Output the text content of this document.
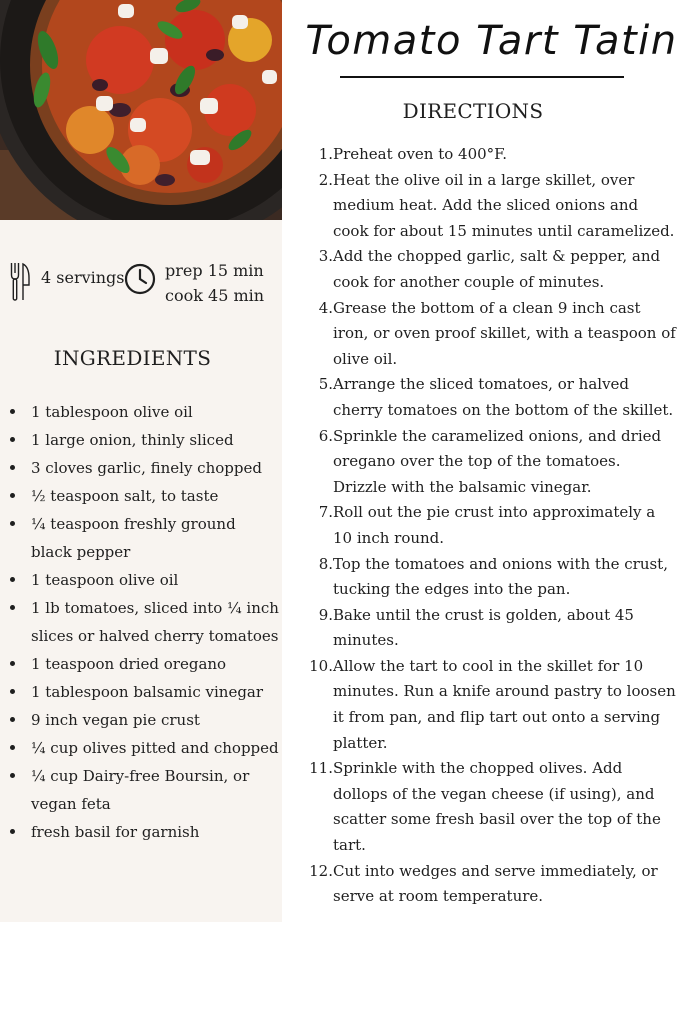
4 servings	prep 15 min
cook 45 min
INGREDIENTS
1 tablespoon olive oil
1 large onion, thinly sliced
3 cloves garlic, finely chopped
½ teaspoon salt, to taste
¼ teaspoon freshly ground black pepper
1 teaspoon olive oil
1 lb tomatoes, sliced into ¼ inch slices or halved cherry tomatoes
1 teaspoon dried oregano
1 tablespoon balsamic vinegar
9 inch vegan pie crust
¼ cup olives pitted and chopped
¼ cup Dairy-free Boursin, or vegan feta
fresh basil for garnish
Tomato Tart Tatin
DIRECTIONS
1. Preheat oven to 400°F.
2. Heat the olive oil in a large skillet, over medium heat. Add the sliced onions and cook for about 15 minutes until caramelized.
3. Add the chopped garlic, salt & pepper, and cook for another couple of minutes.
4. Grease the bottom of a clean 9 inch cast iron, or oven proof skillet, with a teaspoon of olive oil.
5. Arrange the sliced tomatoes, or halved cherry tomatoes on the bottom of the skillet.
6. Sprinkle the caramelized onions, and dried oregano over the top of the tomatoes. Drizzle with the balsamic vinegar.
7. Roll out the pie crust into approximately a 10 inch round.
8. Top the tomatoes and onions with the crust, tucking the edges into the pan.
9. Bake until the crust is golden, about 45 minutes.
10. Allow the tart to cool in the skillet for 10 minutes. Run a knife around pastry to loosen it from pan, and flip tart out onto a serving platter.
11. Sprinkle with the chopped olives. Add dollops of the vegan cheese (if using), and scatter some fresh basil over the top of the tart.
12. Cut into wedges and serve immediately, or serve at room temperature.
